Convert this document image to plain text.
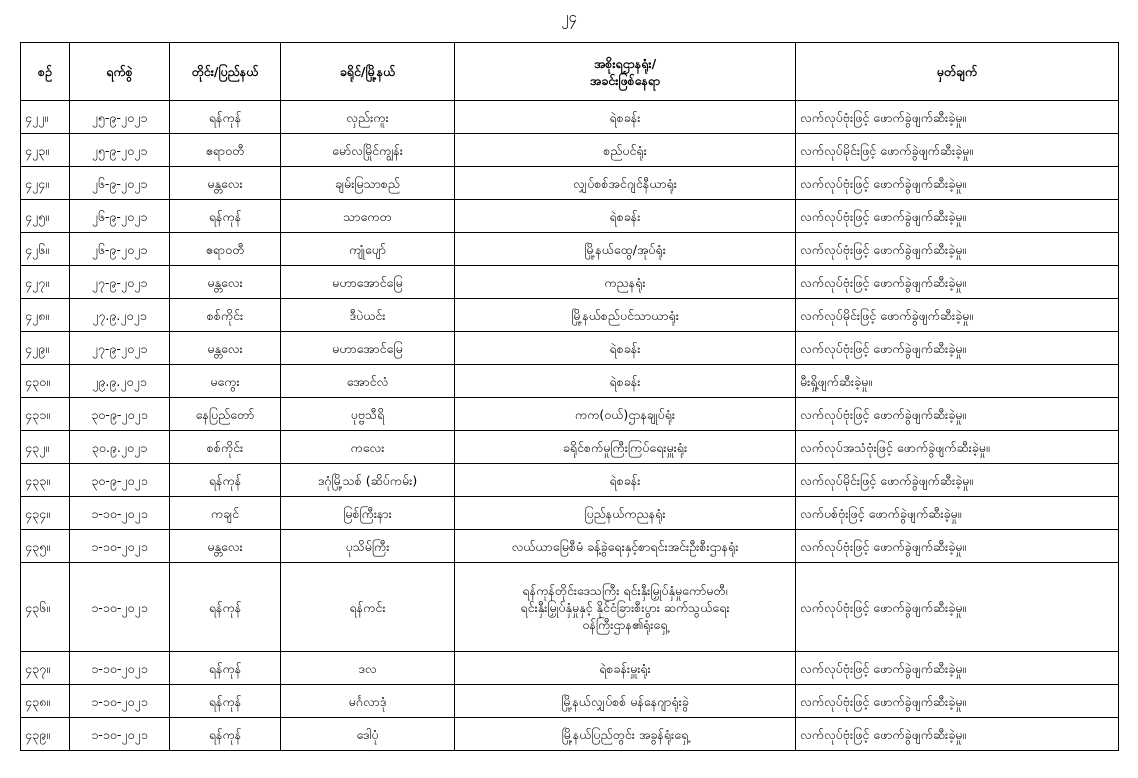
၂၄
စဉ်	ရက်စွဲ	တိုင်း/ပြည်နယ်	ခရိုင်/မြို့နယ်	အစိုးရဌာနရုံး/
အခင်းဖြစ်နေရာ	မှတ်ချက်
၄၂၂။	၂၅-၉-၂၀၂၁	ရန်ကုန်	လှည်းကူး	ရဲစခန်း	လက်လုပ်ဗုံးဖြင့် ဖောက်ခွဲဖျက်ဆီးခဲ့မှု။
၄၂၃။	၂၅-၉-၂၀၂၁	ဧရာဝတီ	မော်လမြိုင်ကျွန်း	စည်ပင်ရုံး	လက်လုပ်မိုင်းဖြင့် ဖောက်ခွဲဖျက်ဆီးခဲ့မှု။
၄၂၄။	၂၆-၉-၂၀၂၁	မန္တလေး	ချမ်းမြသာစည်	လျှပ်စစ်အင်ဂျင်နီယာရုံး	လက်လုပ်ဗုံးဖြင့် ဖောက်ခွဲဖျက်ဆီးခဲ့မှု။
၄၂၅။	၂၆-၉-၂၀၂၁	ရန်ကုန်	သာကေတ	ရဲစခန်း	လက်လုပ်ဗုံးဖြင့် ဖောက်ခွဲဖျက်ဆီးခဲ့မှု။
၄၂၆။	၂၆-၉-၂၀၂၁	ဧရာဝတီ	ကျုံပျော်	မြို့နယ်ထွေ/အုပ်ရုံး	လက်လုပ်ဗုံးဖြင့် ဖောက်ခွဲဖျက်ဆီးခဲ့မှု။
၄၂၇။	၂၇-၉-၂၀၂၁	မန္တလေး	မဟာအောင်မြေ	ကညနရုံး	လက်လုပ်ဗုံးဖြင့် ဖောက်ခွဲဖျက်ဆီးခဲ့မှု။
၄၂၈။	၂၇.၉.၂၀၂၁	စစ်ကိုင်း	ဒီပဲယင်း	မြို့နယ်စည်ပင်သာယာရုံး	လက်လုပ်မိုင်းဖြင့် ဖောက်ခွဲဖျက်ဆီးခဲ့မှု။
၄၂၉။	၂၇-၉-၂၀၂၁	မန္တလေး	မဟာအောင်မြေ	ရဲစခန်း	လက်လုပ်ဗုံးဖြင့် ဖောက်ခွဲဖျက်ဆီးခဲ့မှု။
၄၃၀။	၂၉.၉.၂၀၂၁	မကွေး	အောင်လံ	ရဲစခန်း	မီးရှို့ဖျက်ဆီးခဲ့မှု။
၄၃၁။	၃၀-၉-၂၀၂၁	နေပြည်တော်	ပုဗ္ဗသီရိ	ကက(ဝယ်)ဌာနချုပ်ရုံး	လက်လုပ်ဗုံးဖြင့် ဖောက်ခွဲဖျက်ဆီးခဲ့မှု။
၄၃၂။	၃၀.၉.၂၀၂၁	စစ်ကိုင်း	ကလေး	ခရိုင်စက်မှုကြီးကြပ်ရေးမှူးရုံး	လက်လုပ်အသံဗုံးဖြင့် ဖောက်ခွဲဖျက်ဆီးခဲ့မှု။
၄၃၃။	၃၀-၉-၂၀၂၁	ရန်ကုန်	ဒဂုံမြို့သစ် (ဆိပ်ကမ်း)	ရဲစခန်း	လက်လုပ်မိုင်းဖြင့် ဖောက်ခွဲဖျက်ဆီးခဲ့မှု။
၄၃၄။	၁-၁၀-၂၀၂၁	ကချင်	မြစ်ကြီးနား	ပြည်နယ်ကညနရုံး	လက်ပစ်ဗုံးဖြင့် ဖောက်ခွဲဖျက်ဆီးခဲ့မှု။
၄၃၅။	၁-၁၀-၂၀၂၁	မန္တလေး	ပုသိမ်ကြီး	လယ်ယာမြေစီမံ ခန့်ခွဲရေးနှင့်စာရင်းအင်းဦးစီးဌာနရုံး	လက်လုပ်ဗုံးဖြင့် ဖောက်ခွဲဖျက်ဆီးခဲ့မှု။
၄၃၆။	၁-၁၀-၂၀၂၁	ရန်ကုန်	ရန်ကင်း	ရန်ကုန်တိုင်းဒေသကြီး ရင်းနှီးမြှုပ်နှံမှုကော်မတီ၊
ရင်းနှီးမြှုပ်နှံမှုနှင့် နိုင်ငံခြားစီးပွား ဆက်သွယ်ရေး
ဝန်ကြီးဌာန၏ရုံးရှေ့	လက်လုပ်ဗုံးဖြင့် ဖောက်ခွဲဖျက်ဆီးခဲ့မှု။
၄၃၇။	၁-၁၀-၂၀၂၁	ရန်ကုန်	ဒလ	ရဲစခန်းမှူးရုံး	လက်လုပ်ဗုံးဖြင့် ဖောက်ခွဲဖျက်ဆီးခဲ့မှု။
၄၃၈။	၁-၁၀-၂၀၂၁	ရန်ကုန်	မင်္ဂလာဒုံ	မြို့နယ်လျှပ်စစ် မန်နေဂျာရုံးခွဲ	လက်လုပ်ဗုံးဖြင့် ဖောက်ခွဲဖျက်ဆီးခဲ့မှု။
၄၃၉။	၁-၁၀-၂၀၂၁	ရန်ကုန်	ဒေါပုံ	မြို့နယ်ပြည်တွင်း အခွန်ရုံးရှေ့	လက်လုပ်ဗုံးဖြင့် ဖောက်ခွဲဖျက်ဆီးခဲ့မှု။
